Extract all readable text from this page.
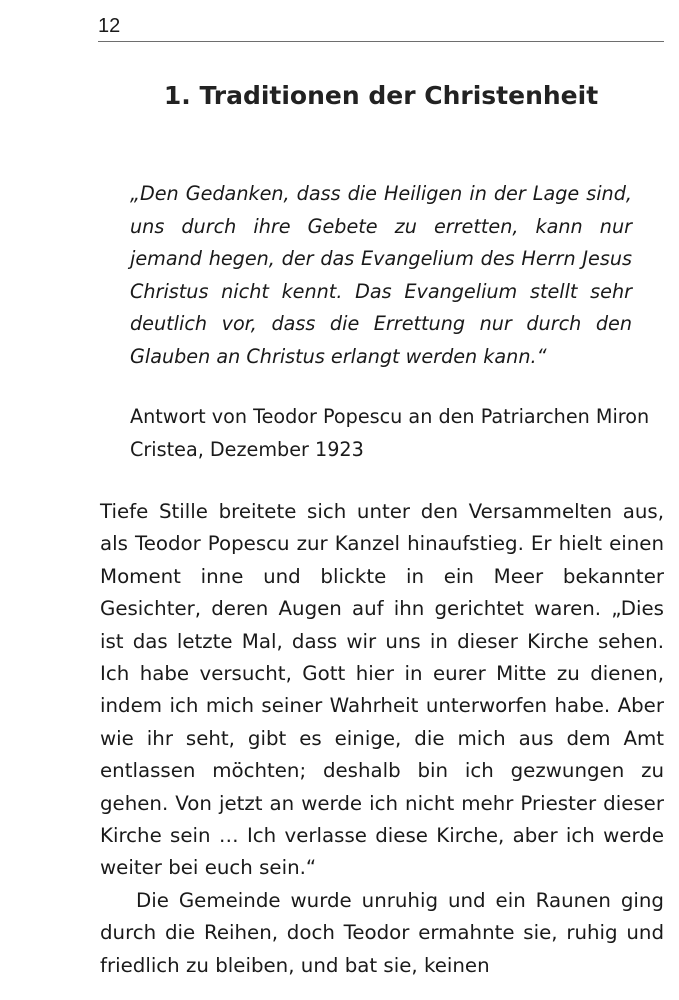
12
1. Traditionen der Christenheit

„Den Gedanken, dass die Heiligen in der Lage sind, uns durch ihre Gebete zu erretten, kann nur jemand hegen, der das Evangelium des Herrn Jesus Christus nicht kennt. Das Evangelium stellt sehr deutlich vor, dass die Errettung nur durch den Glauben an Christus erlangt werden kann.“

Antwort von Teodor Popescu an den Patriarchen Miron Cristea, Dezember 1923

Tiefe Stille breitete sich unter den Versammelten aus, als Teodor Popescu zur Kanzel hinaufstieg. Er hielt einen Moment inne und blickte in ein Meer bekannter Gesichter, deren Augen auf ihn gerichtet waren. „Dies ist das letzte Mal, dass wir uns in dieser Kirche sehen. Ich habe versucht, Gott hier in eurer Mitte zu dienen, indem ich mich seiner Wahrheit unterworfen habe. Aber wie ihr seht, gibt es einige, die mich aus dem Amt entlassen möchten; deshalb bin ich gezwungen zu gehen. Von jetzt an werde ich nicht mehr Priester dieser Kirche sein … Ich verlasse diese Kirche, aber ich werde weiter bei euch sein.“

Die Gemeinde wurde unruhig und ein Raunen ging durch die Reihen, doch Teodor ermahnte sie, ruhig und friedlich zu bleiben, und bat sie, keinen
